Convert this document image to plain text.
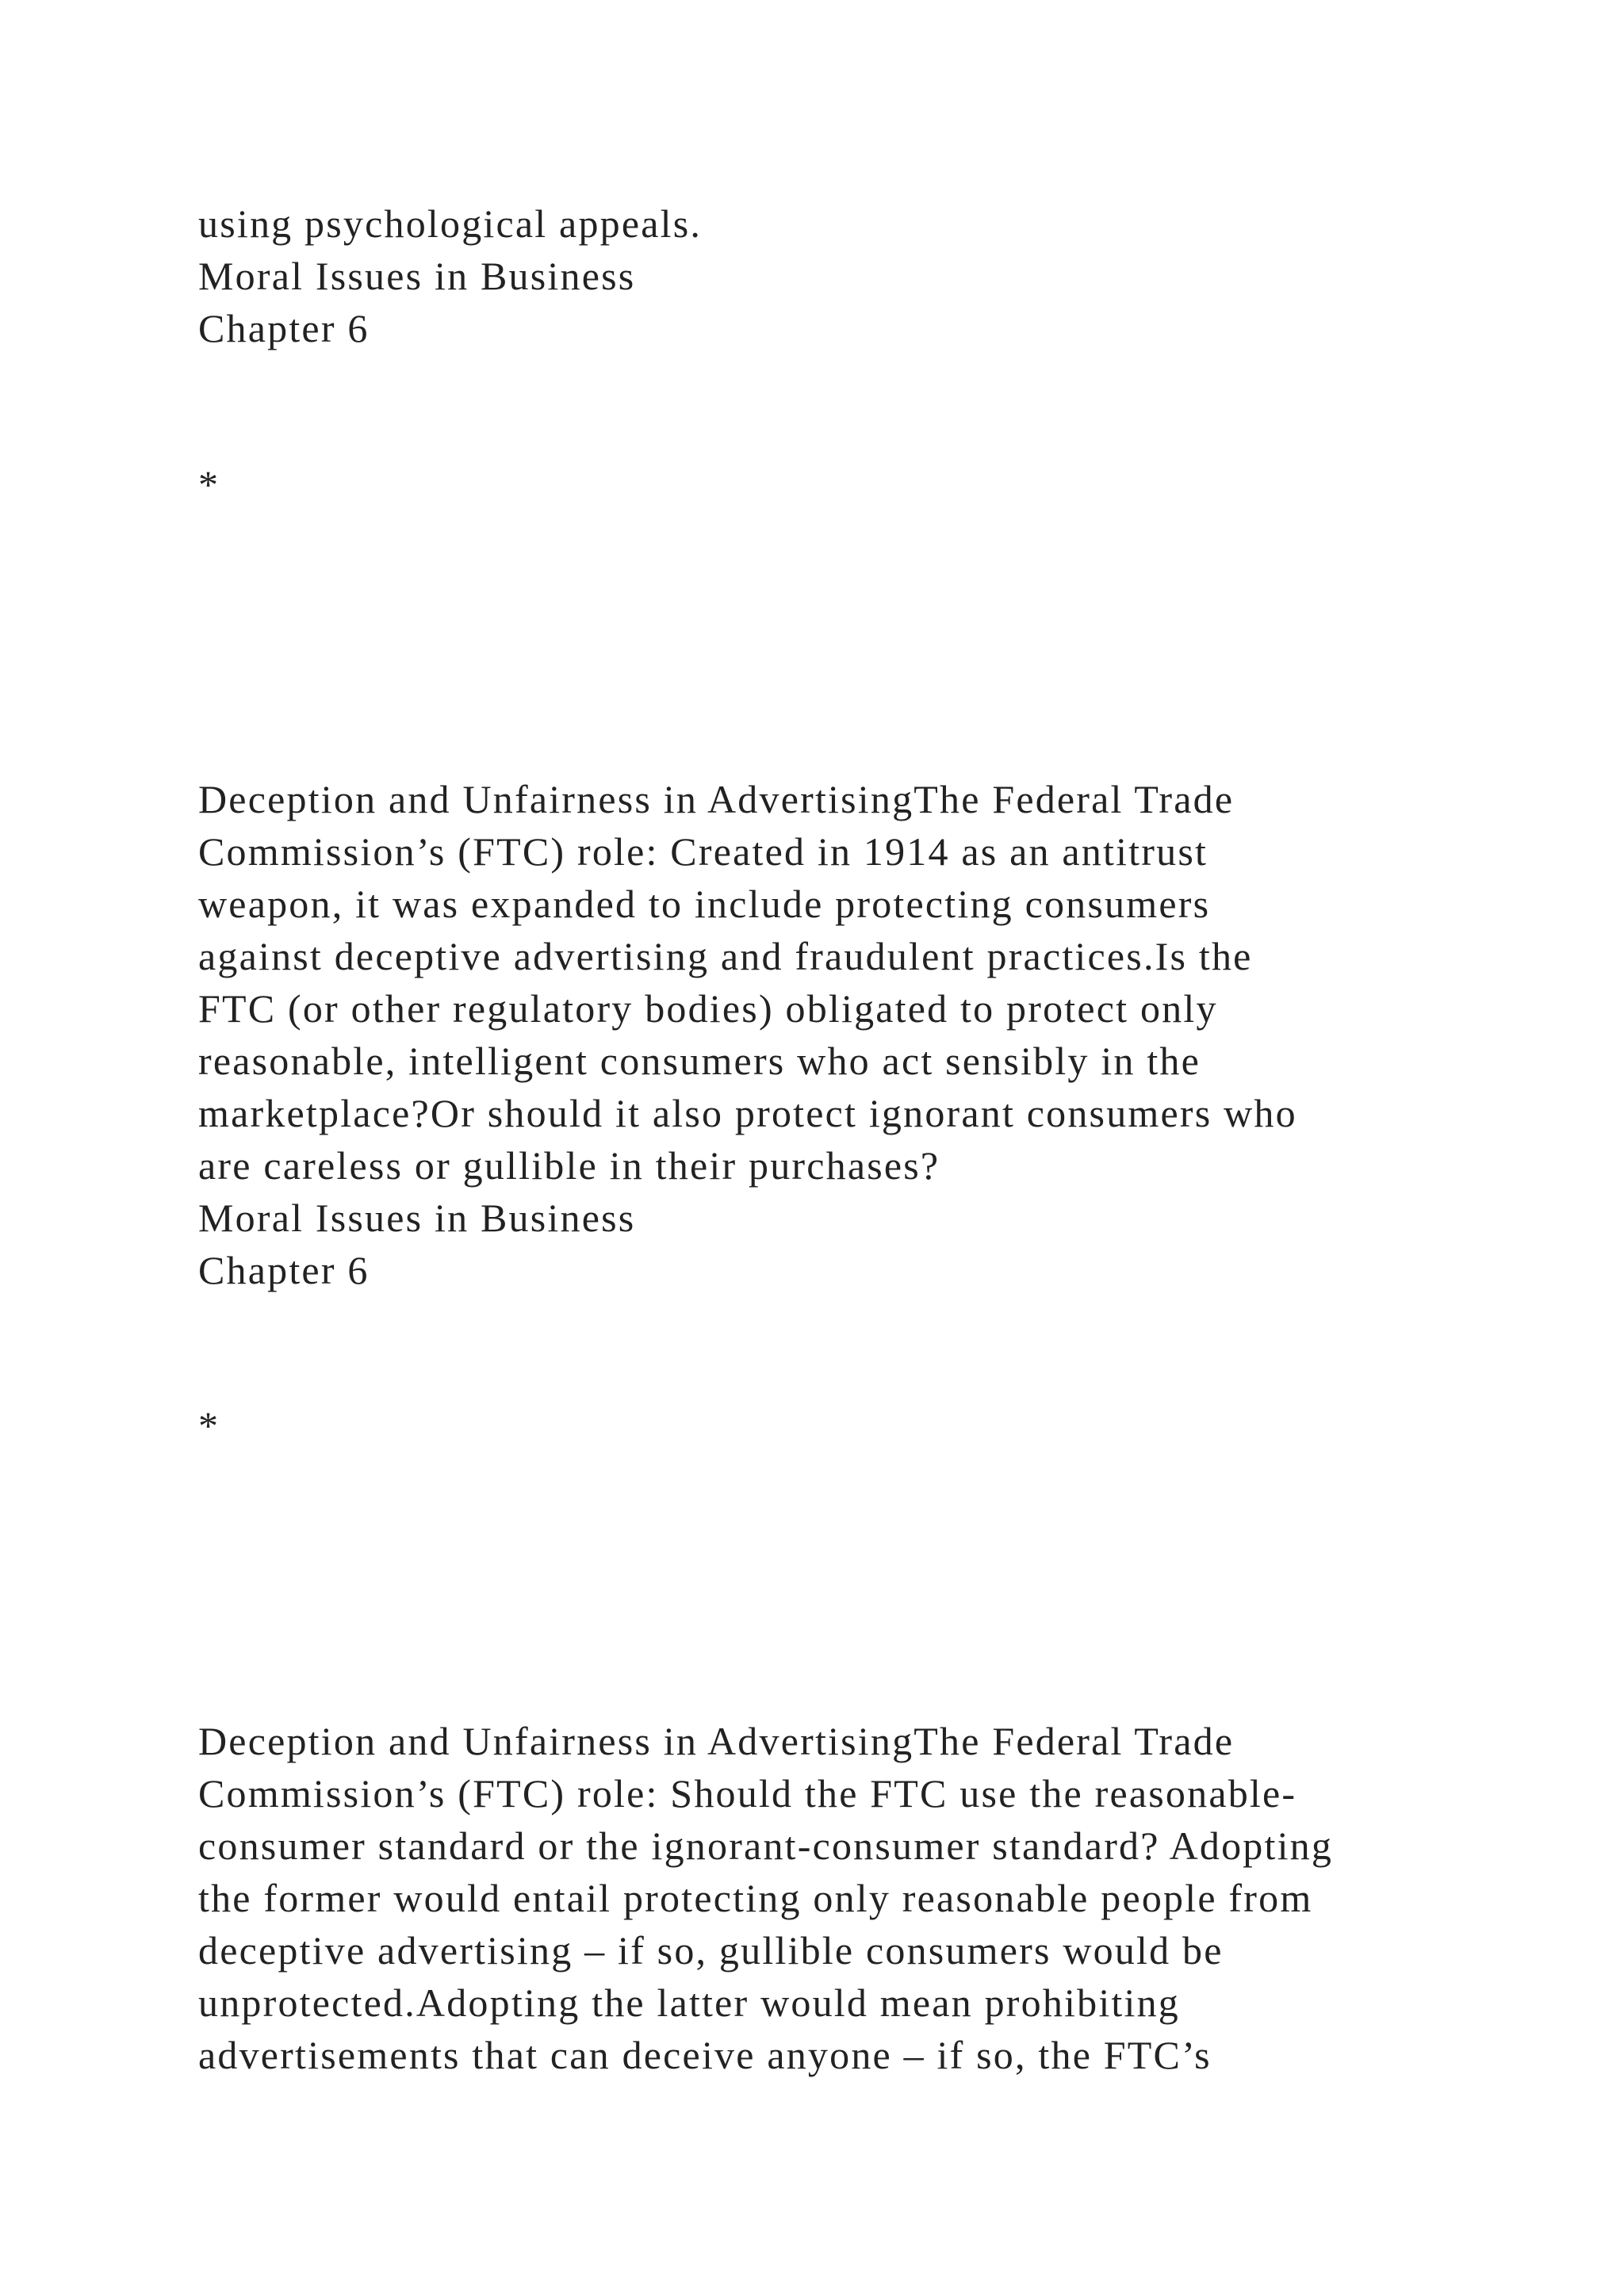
using psychological appeals.

Moral Issues in Business

Chapter 6

*

Deception and Unfairness in AdvertisingThe Federal Trade

Commission’s (FTC) role: Created in 1914 as an antitrust

weapon, it was expanded to include protecting consumers

against deceptive advertising and fraudulent practices.Is the

FTC (or other regulatory bodies) obligated to protect only

reasonable, intelligent consumers who act sensibly in the

marketplace?Or should it also protect ignorant consumers who

are careless or gullible in their purchases?

Moral Issues in Business

Chapter 6

*

Deception and Unfairness in AdvertisingThe Federal Trade

Commission’s (FTC) role: Should the FTC use the reasonable-

consumer standard or the ignorant-consumer standard? Adopting

the former would entail protecting only reasonable people from

deceptive advertising – if so, gullible consumers would be

unprotected.Adopting the latter would mean prohibiting

advertisements that can deceive anyone – if so, the FTC’s
